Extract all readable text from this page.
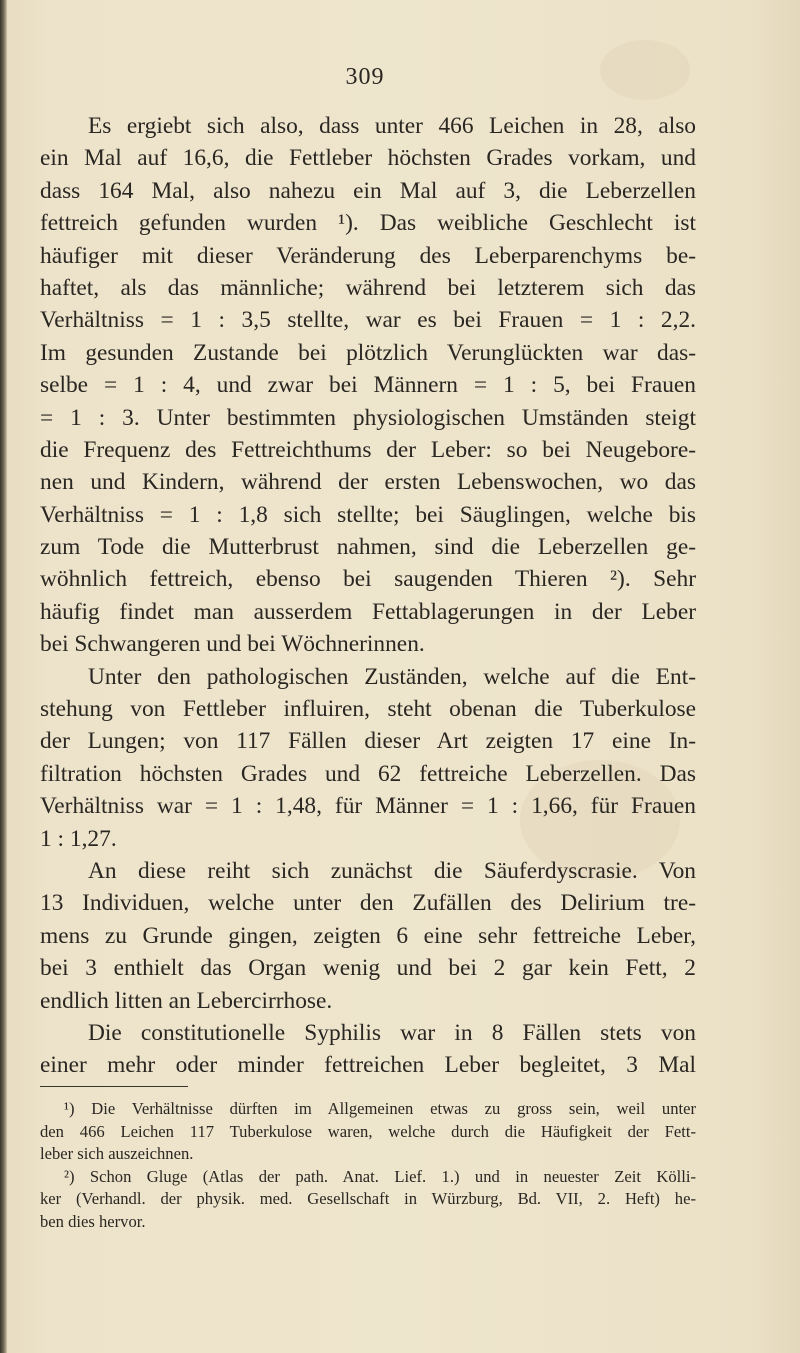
309
Es ergiebt sich also, dass unter 466 Leichen in 28, also
ein Mal auf 16,6, die Fettleber höchsten Grades vorkam, und
dass 164 Mal, also nahezu ein Mal auf 3, die Leberzellen
fettreich gefunden wurden ¹). Das weibliche Geschlecht ist
häufiger mit dieser Veränderung des Leberparenchyms be-
haftet, als das männliche; während bei letzterem sich das
Verhältniss = 1 : 3,5 stellte, war es bei Frauen = 1 : 2,2.
Im gesunden Zustande bei plötzlich Verunglückten war das-
selbe = 1 : 4, und zwar bei Männern = 1 : 5, bei Frauen
= 1 : 3. Unter bestimmten physiologischen Umständen steigt
die Frequenz des Fettreichthums der Leber: so bei Neugebore-
nen und Kindern, während der ersten Lebenswochen, wo das
Verhältniss = 1 : 1,8 sich stellte; bei Säuglingen, welche bis
zum Tode die Mutterbrust nahmen, sind die Leberzellen ge-
wöhnlich fettreich, ebenso bei saugenden Thieren ²). Sehr
häufig findet man ausserdem Fettablagerungen in der Leber
bei Schwangeren und bei Wöchnerinnen.
Unter den pathologischen Zuständen, welche auf die Ent-
stehung von Fettleber influiren, steht obenan die Tuberkulose
der Lungen; von 117 Fällen dieser Art zeigten 17 eine In-
filtration höchsten Grades und 62 fettreiche Leberzellen. Das
Verhältniss war = 1 : 1,48, für Männer = 1 : 1,66, für Frauen
1 : 1,27.
An diese reiht sich zunächst die Säuferdyscrasie. Von
13 Individuen, welche unter den Zufällen des Delirium tre-
mens zu Grunde gingen, zeigten 6 eine sehr fettreiche Leber,
bei 3 enthielt das Organ wenig und bei 2 gar kein Fett, 2
endlich litten an Lebercirrhose.
Die constitutionelle Syphilis war in 8 Fällen stets von
einer mehr oder minder fettreichen Leber begleitet, 3 Mal
¹) Die Verhältnisse dürften im Allgemeinen etwas zu gross sein, weil unter
den 466 Leichen 117 Tuberkulose waren, welche durch die Häufigkeit der Fett-
leber sich auszeichnen.
²) Schon Gluge (Atlas der path. Anat. Lief. 1.) und in neuester Zeit Kölli-
ker (Verhandl. der physik. med. Gesellschaft in Würzburg, Bd. VII, 2. Heft) he-
ben dies hervor.
